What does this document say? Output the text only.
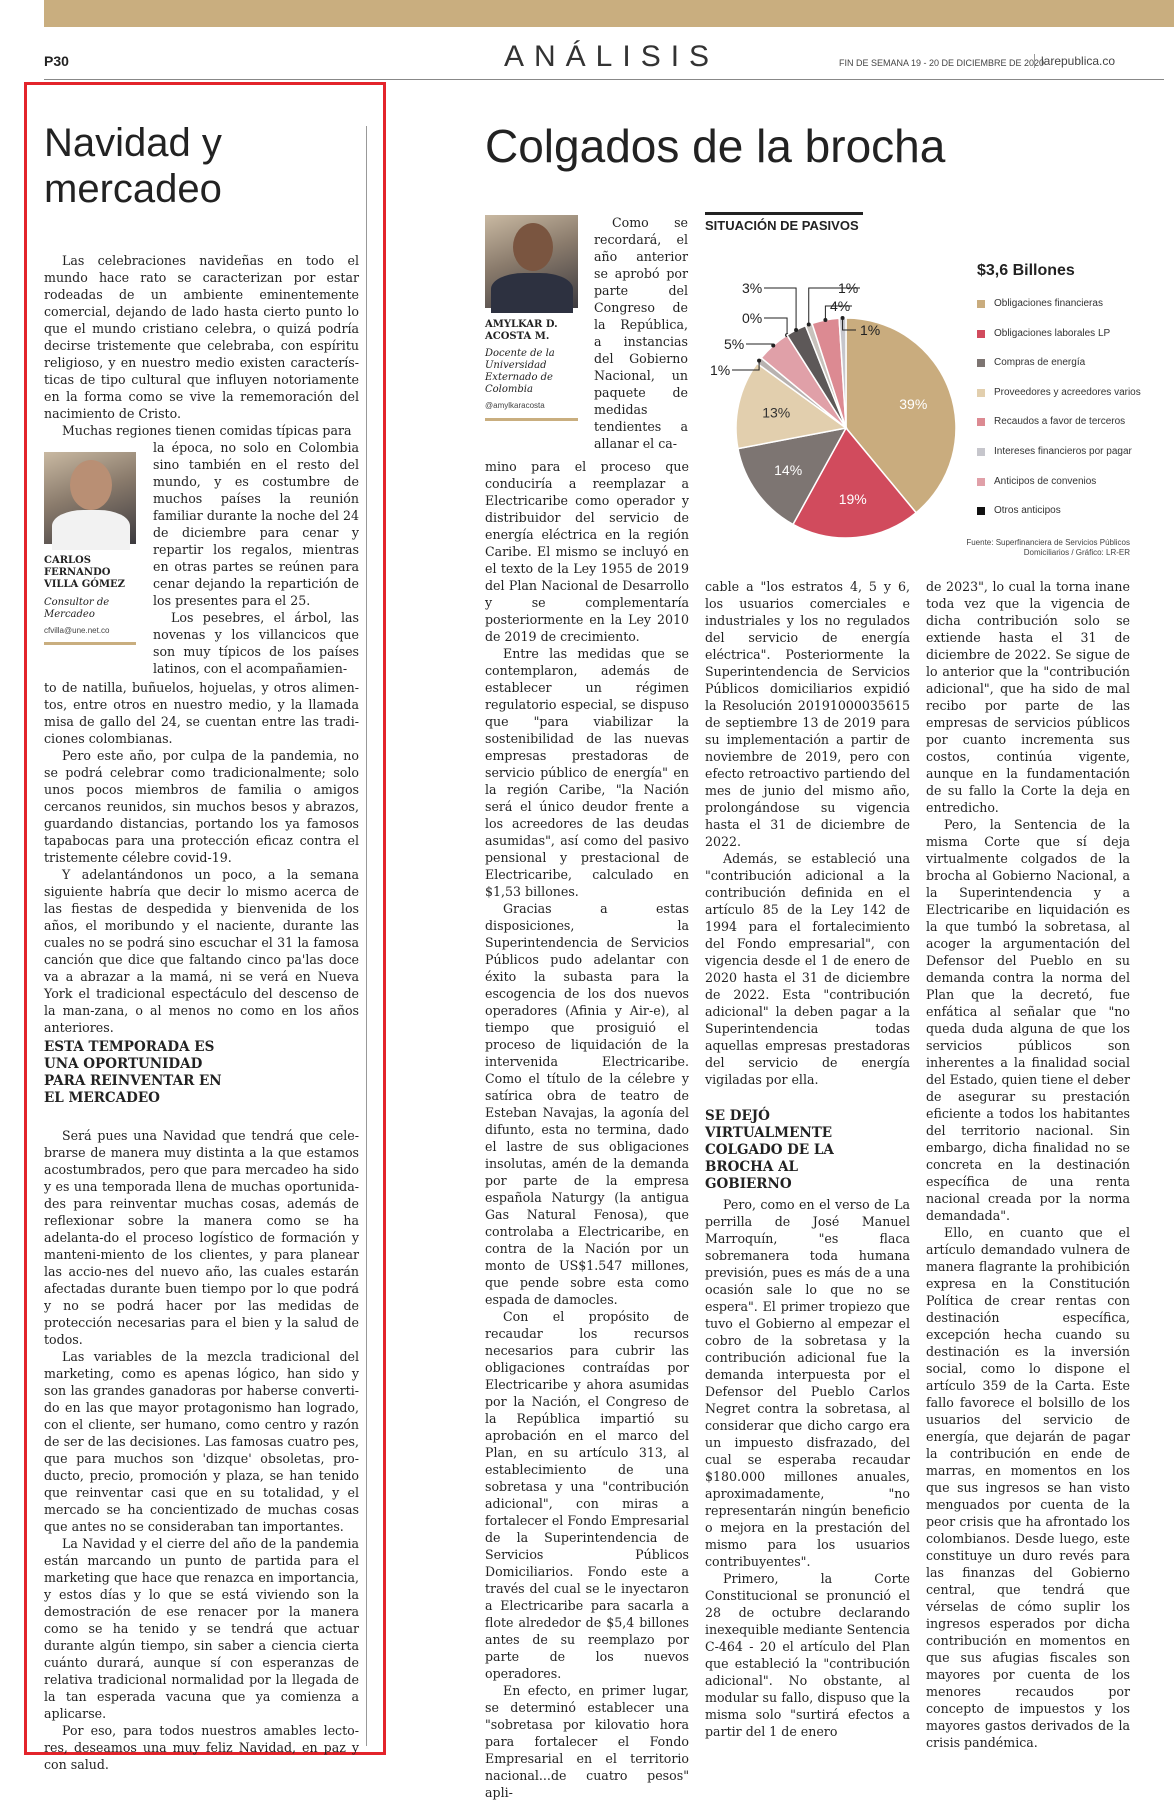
P30	ANÁLISIS	FIN DE SEMANA 19 - 20 DE DICIEMBRE DE 2020
larepublica.co
Navidad y mercadeo

Las celebraciones navideñas en todo el mundo hace rato se caracterizan por estar rodeadas de un ambiente eminentemente comercial, dejando de lado hasta cierto punto lo que el mundo cristiano celebra, o quizá podría decirse tristemente que celebraba, con espíritu religioso, y en nuestro medio existen caracterís-ticas de tipo cultural que influyen notoriamente en la forma como se vive la rememoración del nacimiento de Cristo.

Muchas regiones tienen comidas típicas para

CARLOS FERNANDO VILLA GÓMEZ
Consultor de Mercadeo
cfvilla@une.net.co

la época, no solo en Colombia sino también en el resto del mundo, y es costumbre de muchos países la reunión familiar durante la noche del 24 de diciembre para cenar y repartir los regalos, mientras en otras partes se reúnen para cenar dejando la repartición de los presentes para el 25.

Los pesebres, el árbol, las novenas y los villancicos que son muy típicos de los países latinos, con el acompañamien-

to de natilla, buñuelos, hojuelas, y otros alimen-tos, entre otros en nuestro medio, y la llamada misa de gallo del 24, se cuentan entre las tradi-ciones colombianas.

Pero este año, por culpa de la pandemia, no se podrá celebrar como tradicionalmente; solo unos pocos miembros de familia o amigos cercanos reunidos, sin muchos besos y abrazos, guardando distancias, portando los ya famosos tapabocas para una protección eficaz contra el tristemente célebre covid-19.

Y adelantándonos un poco, a la semana siguiente habría que decir lo mismo acerca de las fiestas de despedida y bienvenida de los años, el moribundo y el naciente, durante las cuales no se podrá sino escuchar el 31 la famosa canción que dice que faltando cinco pa'las doce va a abrazar a la mamá, ni se verá en Nueva York el tradicional espectáculo del descenso de la man-zana, o al menos no como en los años anteriores.

ESTA TEMPORADA ES UNA OPORTUNIDAD PARA REINVENTAR EN EL MERCADEO

Será pues una Navidad que tendrá que cele-brarse de manera muy distinta a la que estamos acostumbrados, pero que para mercadeo ha sido y es una temporada llena de muchas oportunida-des para reinventar muchas cosas, además de reflexionar sobre la manera como se ha adelanta-do el proceso logístico de formación y manteni-miento de los clientes, y para planear las accio-nes del nuevo año, las cuales estarán afectadas durante buen tiempo por lo que podrá y no se podrá hacer por las medidas de protección necesarias para el bien y la salud de todos.

Las variables de la mezcla tradicional del marketing, como es apenas lógico, han sido y son las grandes ganadoras por haberse converti-do en las que mayor protagonismo han logrado, con el cliente, ser humano, como centro y razón de ser de las decisiones. Las famosas cuatro pes, que para muchos son 'dizque' obsoletas, pro-ducto, precio, promoción y plaza, se han tenido que reinventar casi que en su totalidad, y el mercado se ha concientizado de muchas cosas que antes no se consideraban tan importantes.

La Navidad y el cierre del año de la pandemia están marcando un punto de partida para el marketing que hace que renazca en importancia, y estos días y lo que se está viviendo son la demostración de ese renacer por la manera como se ha tenido y se tendrá que actuar durante algún tiempo, sin saber a ciencia cierta cuánto durará, aunque sí con esperanzas de relativa tradicional normalidad por la llegada de la tan esperada vacuna que ya comienza a aplicarse.

Por eso, para todos nuestros amables lecto-res, deseamos una muy feliz Navidad, en paz y con salud.

Colgados de la brocha
AMYLKAR D. ACOSTA M.
Docente de la Universidad Externado de Colombia
@amylkaracosta

Como se recordará, el año anterior se aprobó por parte del Congreso de la República, a instancias del Gobierno Nacional, un paquete de medidas tendientes a allanar el ca-

mino para el proceso que conduciría a reemplazar a Electricaribe como operador y distribuidor del servicio de energía eléctrica en la región Caribe. El mismo se incluyó en el texto de la Ley 1955 de 2019 del Plan Nacional de Desarrollo y se complementaría posteriormente en la Ley 2010 de 2019 de crecimiento.

Entre las medidas que se contemplaron, además de establecer un régimen regulatorio especial, se dispuso que "para viabilizar la sostenibilidad de las nuevas empresas prestadoras de servicio público de energía" en la región Caribe, "la Nación será el único deudor frente a los acreedores de las deudas asumidas", así como del pasivo pensional y prestacional de Electricaribe, calculado en $1,53 billones.

Gracias a estas disposiciones, la Superintendencia de Servicios Públicos pudo adelantar con éxito la subasta para la escogencia de los dos nuevos operadores (Afinia y Air-e), al tiempo que prosiguió el proceso de liquidación de la intervenida Electricaribe. Como el título de la célebre y satírica obra de teatro de Esteban Navajas, la agonía del difunto, esta no termina, dado el lastre de sus obligaciones insolutas, amén de la demanda por parte de la empresa española Naturgy (la antigua Gas Natural Fenosa), que controlaba a Electricaribe, en contra de la Nación por un monto de US$1.547 millones, que pende sobre esta como espada de damocles.

Con el propósito de recaudar los recursos necesarios para cubrir las obligaciones contraídas por Electricaribe y ahora asumidas por la Nación, el Congreso de la República impartió su aprobación en el marco del Plan, en su artículo 313, al establecimiento de una sobretasa y una "contribución adicional", con miras a fortalecer el Fondo Empresarial de la Superintendencia de Servicios Públicos Domiciliarios. Fondo este a través del cual se le inyectaron a Electricaribe para sacarla a flote alrededor de $5,4 billones antes de su reemplazo por parte de los nuevos operadores.

En efecto, en primer lugar, se determinó establecer una "sobretasa por kilovatio hora para fortalecer el Fondo Empresarial en el territorio nacional...de cuatro pesos" apli-

cable a "los estratos 4, 5 y 6, los usuarios comerciales e industriales y los no regulados del servicio de energía eléctrica". Posteriormente la Superintendencia de Servicios Públicos domiciliarios expidió la Resolución 20191000035615 de septiembre 13 de 2019 para su implementación a partir de noviembre de 2019, pero con efecto retroactivo partiendo del mes de junio del mismo año, prolongándose su vigencia hasta el 31 de diciembre de 2022.

Además, se estableció una "contribución adicional a la contribución definida en el artículo 85 de la Ley 142 de 1994 para el fortalecimiento del Fondo empresarial", con vigencia desde el 1 de enero de 2020 hasta el 31 de diciembre de 2022. Esta "contribución adicional" la deben pagar a la Superintendencia todas aquellas empresas prestadoras del servicio de energía vigiladas por ella.

SE DEJÓ VIRTUALMENTE COLGADO DE LA BROCHA AL GOBIERNO

Pero, como en el verso de La perrilla de José Manuel Marroquín, "es flaca sobremanera toda humana previsión, pues es más de a una ocasión sale lo que no se espera". El primer tropiezo que tuvo el Gobierno al empezar el cobro de la sobretasa y la contribución adicional fue la demanda interpuesta por el Defensor del Pueblo Carlos Negret contra la sobretasa, al considerar que dicho cargo era un impuesto disfrazado, del cual se esperaba recaudar $180.000 millones anuales, aproximadamente, "no representarán ningún beneficio o mejora en la prestación del mismo para los usuarios contribuyentes".

Primero, la Corte Constitucional se pronunció el 28 de octubre declarando inexequible mediante Sentencia C-464 - 20 el artículo del Plan que estableció la "contribución adicional". No obstante, al modular su fallo, dispuso que la misma solo "surtirá efectos a partir del 1 de enero

de 2023", lo cual la torna inane toda vez que la vigencia de dicha contribución solo se extiende hasta el 31 de diciembre de 2022. Se sigue de lo anterior que la "contribución adicional", que ha sido de mal recibo por parte de las empresas de servicios públicos por cuanto incrementa sus costos, continúa vigente, aunque en la fundamentación de su fallo la Corte la deja en entredicho.

Pero, la Sentencia de la misma Corte que sí deja virtualmente colgados de la brocha al Gobierno Nacional, a la Superintendencia y a Electricaribe en liquidación es la que tumbó la sobretasa, al acoger la argumentación del Defensor del Pueblo en su demanda contra la norma del Plan que la decretó, fue enfática al señalar que "no queda duda alguna de que los servicios públicos son inherentes a la finalidad social del Estado, quien tiene el deber de asegurar su prestación eficiente a todos los habitantes del territorio nacional. Sin embargo, dicha finalidad no se concreta en la destinación específica de una renta nacional creada por la norma demandada".

Ello, en cuanto que el artículo demandado vulnera de manera flagrante la prohibición expresa en la Constitución Política de crear rentas con destinación específica, excepción hecha cuando su destinación es la inversión social, como lo dispone el artículo 359 de la Carta. Este fallo favorece el bolsillo de los usuarios del servicio de energía, que dejarán de pagar la contribución en ende de marras, en momentos en los que sus ingresos se han visto menguados por cuenta de la peor crisis que ha afrontado los colombianos. Desde luego, este constituye un duro revés para las finanzas del Gobierno central, que tendrá que vérselas de cómo suplir los ingresos esperados por dicha contribución en momentos en que sus afugias fiscales son mayores por cuenta de los menores recaudos por concepto de impuestos y los mayores gastos derivados de la crisis pandémica.

SITUACIÓN DE PASIVOS
39%
19%
14%
13%
1%
5%
0%
3%	1%
4%
1%
$3,6 Billones
Obligaciones financieras
Obligaciones laborales LP
Compras de energía
Proveedores y acreedores varios
Recaudos a favor de terceros
Intereses financieros por pagar
Anticipos de convenios
Otros anticipos
Fuente: Superfinanciera de Servicios Públicos Domiciliarios / Gráfico: LR-ER
